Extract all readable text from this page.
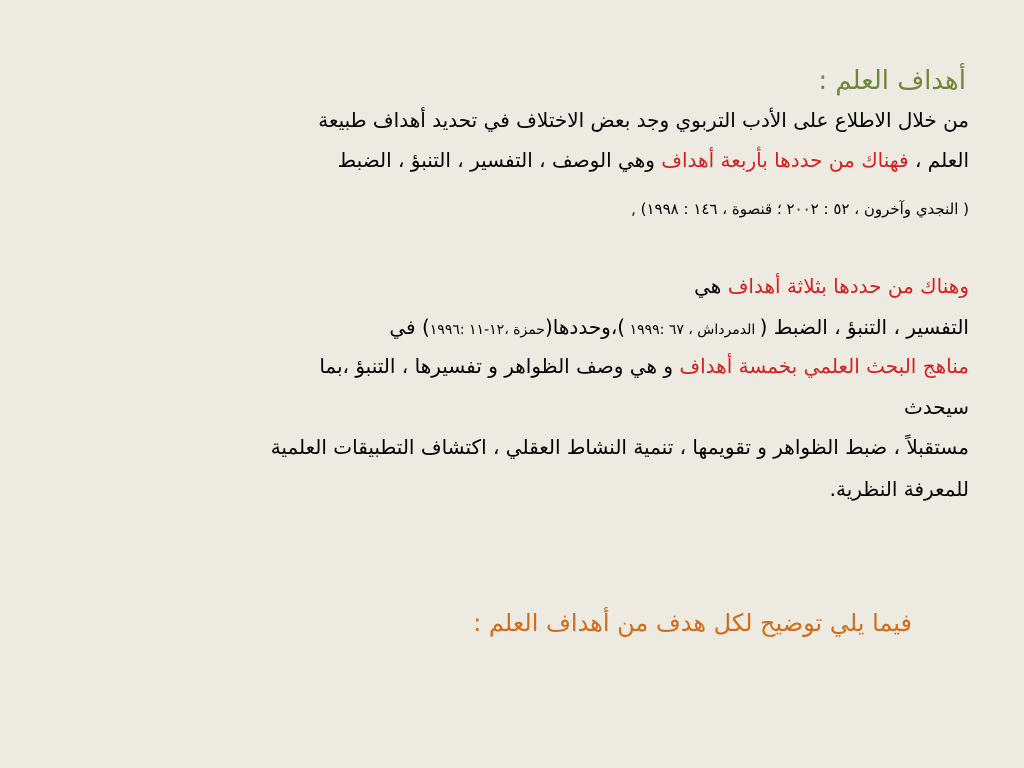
أهداف العلم :
من خلال الاطلاع على الأدب التربوي وجد بعض الاختلاف في تحديد أهداف طبيعة
العلم ، فهناك من حددها بأربعة أهداف وهي الوصف ، التفسير ، التنبؤ ، الضبط
( النجدي وآخرون ، ٥٢ : ٢٠٠٢ ؛ قنصوة ، ١٤٦ : ١٩٩٨) ,
وهناك من حددها بثلاثة أهداف هي
التفسير ، التنبؤ ، الضبط ( الدمرداش ، ٦٧ :١٩٩٩ )،وحددها(حمزة ،١٢-١١ :١٩٩٦) في
مناهج البحث العلمي بخمسة أهداف و هي وصف الظواهر و تفسيرها ، التنبؤ ،بما
سيحدث
مستقبلاً ، ضبط الظواهر و تقويمها ، تنمية النشاط العقلي ، اكتشاف التطبيقات العلمية
للمعرفة النظرية.
فيما يلي توضيح لكل هدف من أهداف العلم :
